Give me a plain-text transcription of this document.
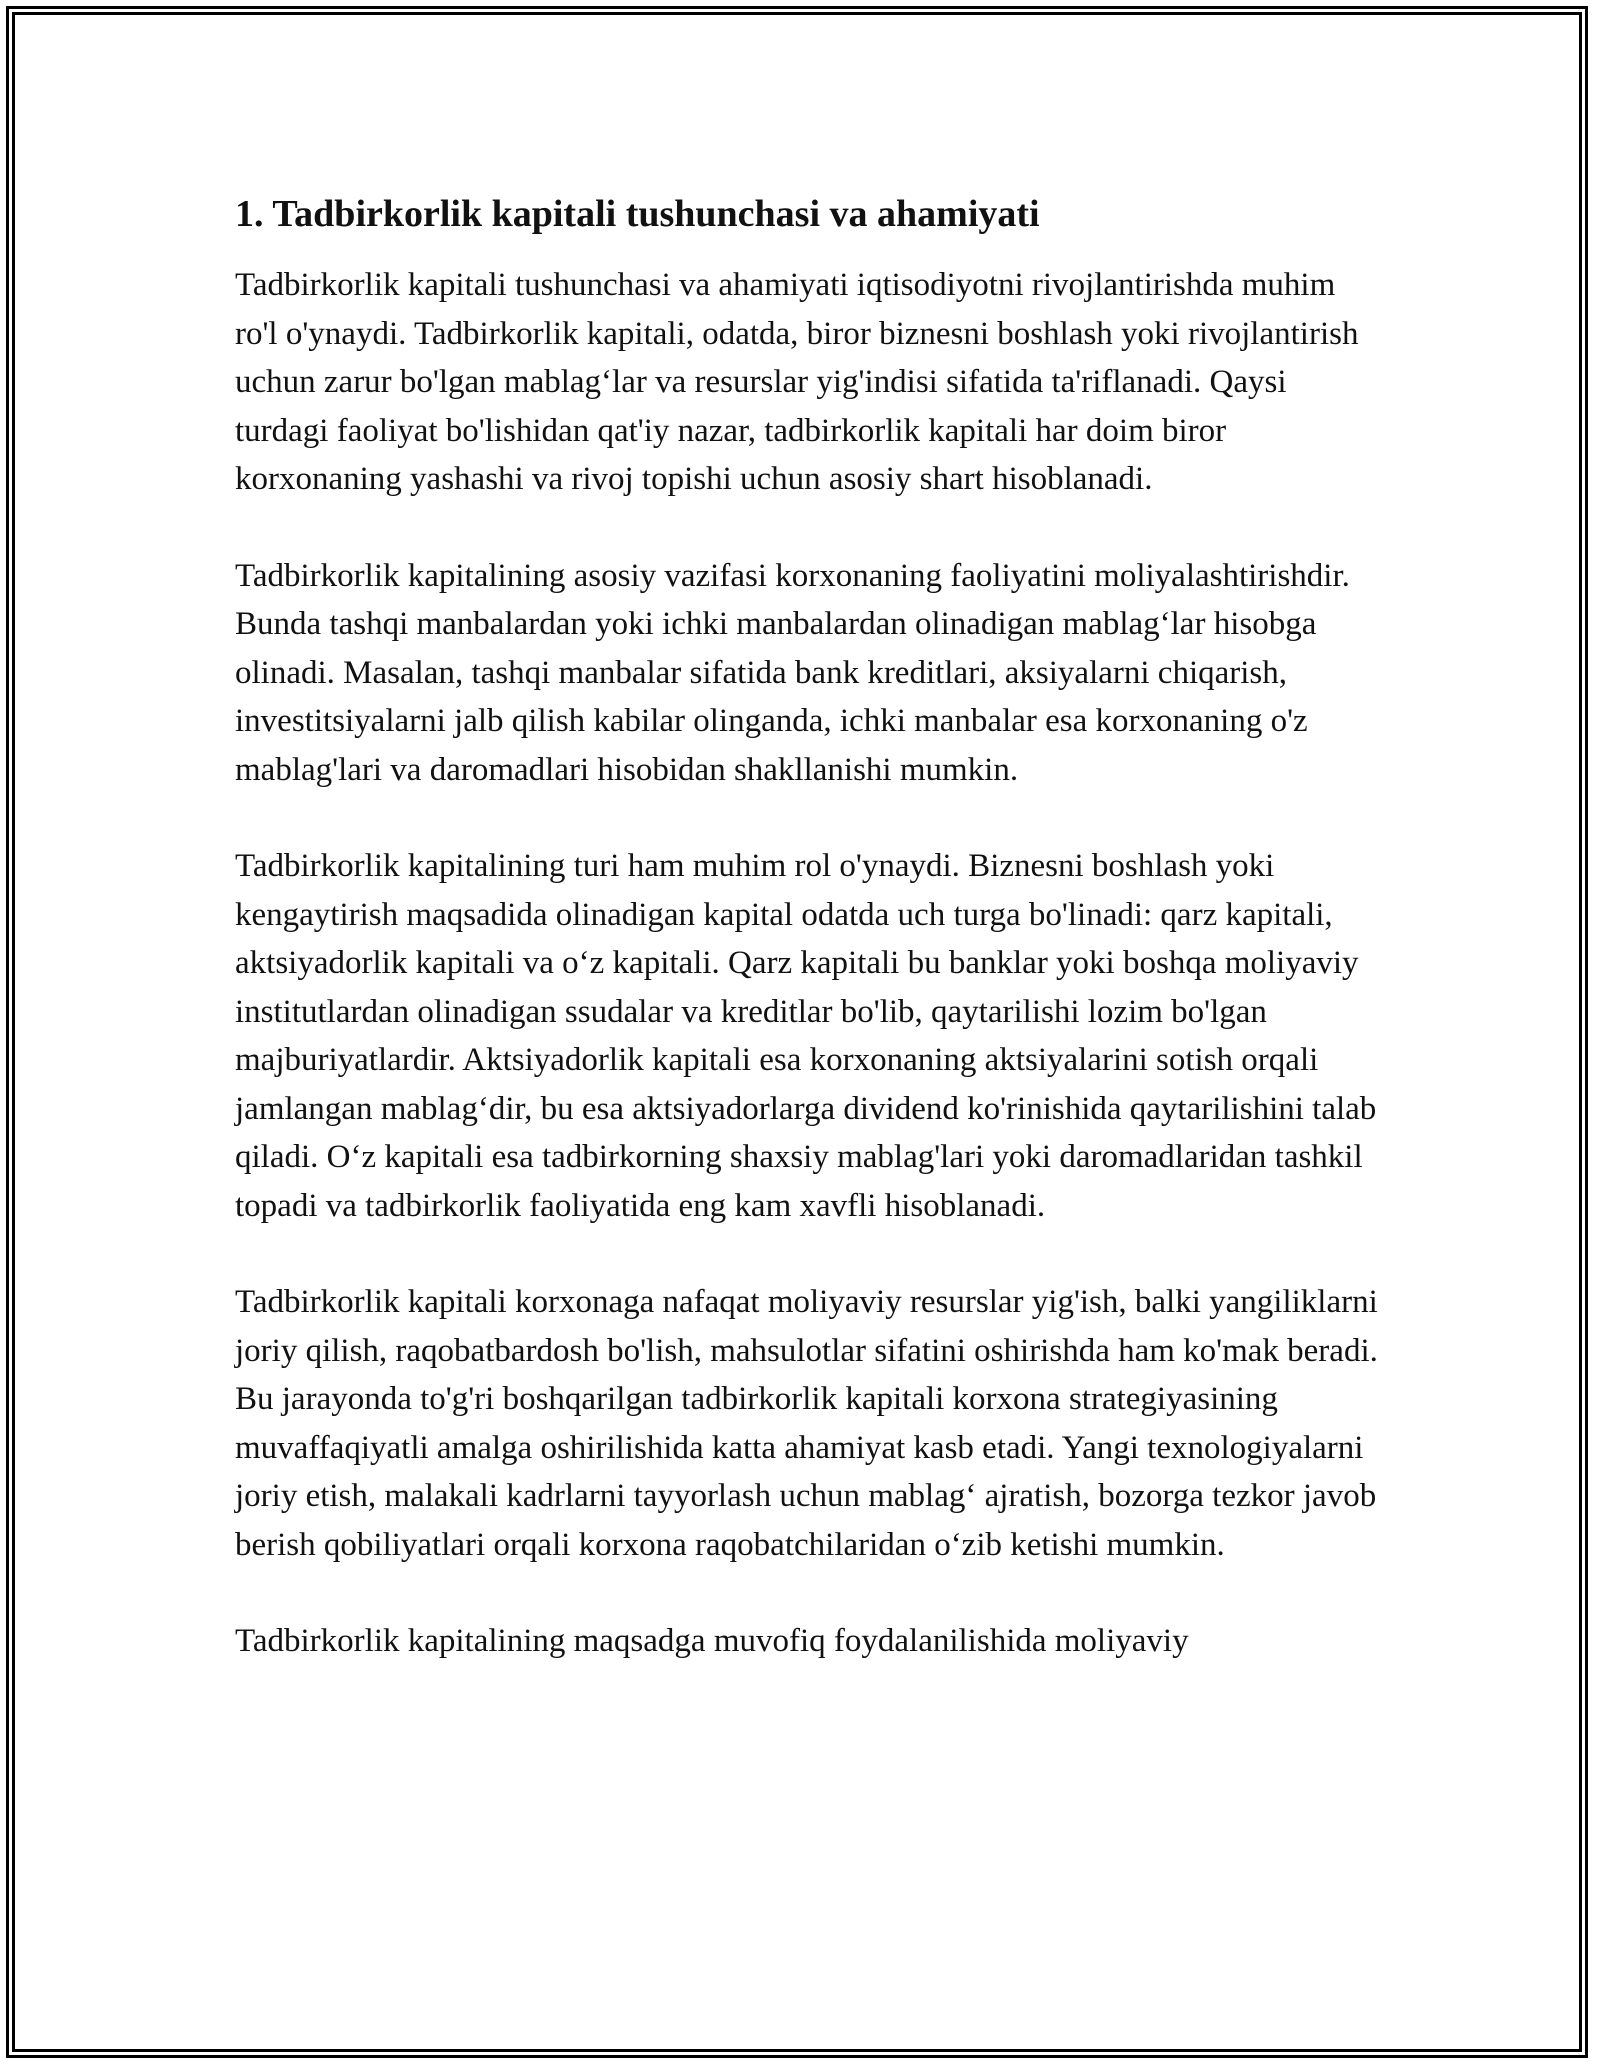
1. Tadbirkorlik kapitali tushunchasi va ahamiyati

Tadbirkorlik kapitali tushunchasi va ahamiyati iqtisodiyotni rivojlantirishda muhim ro'l o'ynaydi. Tadbirkorlik kapitali, odatda, biror biznesni boshlash yoki rivojlantirish uchun zarur bo'lgan mablag‘lar va resurslar yig'indisi sifatida ta'riflanadi. Qaysi turdagi faoliyat bo'lishidan qat'iy nazar, tadbirkorlik kapitali har doim biror korxonaning yashashi va rivoj topishi uchun asosiy shart hisoblanadi.

Tadbirkorlik kapitalining asosiy vazifasi korxonaning faoliyatini moliyalashtirishdir. Bunda tashqi manbalardan yoki ichki manbalardan olinadigan mablag‘lar hisobga olinadi. Masalan, tashqi manbalar sifatida bank kreditlari, aksiyalarni chiqarish, investitsiyalarni jalb qilish kabilar olinganda, ichki manbalar esa korxonaning o'z mablag'lari va daromadlari hisobidan shakllanishi mumkin.

Tadbirkorlik kapitalining turi ham muhim rol o'ynaydi. Biznesni boshlash yoki kengaytirish maqsadida olinadigan kapital odatda uch turga bo'linadi: qarz kapitali, aktsiyadorlik kapitali va o‘z kapitali. Qarz kapitali bu banklar yoki boshqa moliyaviy institutlardan olinadigan ssudalar va kreditlar bo'lib, qaytarilishi lozim bo'lgan majburiyatlardir. Aktsiyadorlik kapitali esa korxonaning aktsiyalarini sotish orqali jamlangan mablag‘dir, bu esa aktsiyadorlarga dividend ko'rinishida qaytarilishini talab qiladi. O‘z kapitali esa tadbirkorning shaxsiy mablag'lari yoki daromadlaridan tashkil topadi va tadbirkorlik faoliyatida eng kam xavfli hisoblanadi.

Tadbirkorlik kapitali korxonaga nafaqat moliyaviy resurslar yig'ish, balki yangiliklarni joriy qilish, raqobatbardosh bo'lish, mahsulotlar sifatini oshirishda ham ko'mak beradi. Bu jarayonda to'g'ri boshqarilgan tadbirkorlik kapitali korxona strategiyasining muvaffaqiyatli amalga oshirilishida katta ahamiyat kasb etadi. Yangi texnologiyalarni joriy etish, malakali kadrlarni tayyorlash uchun mablag‘ ajratish, bozorga tezkor javob berish qobiliyatlari orqali korxona raqobatchilaridan o‘zib ketishi mumkin.

Tadbirkorlik kapitalining maqsadga muvofiq foydalanilishida moliyaviy
